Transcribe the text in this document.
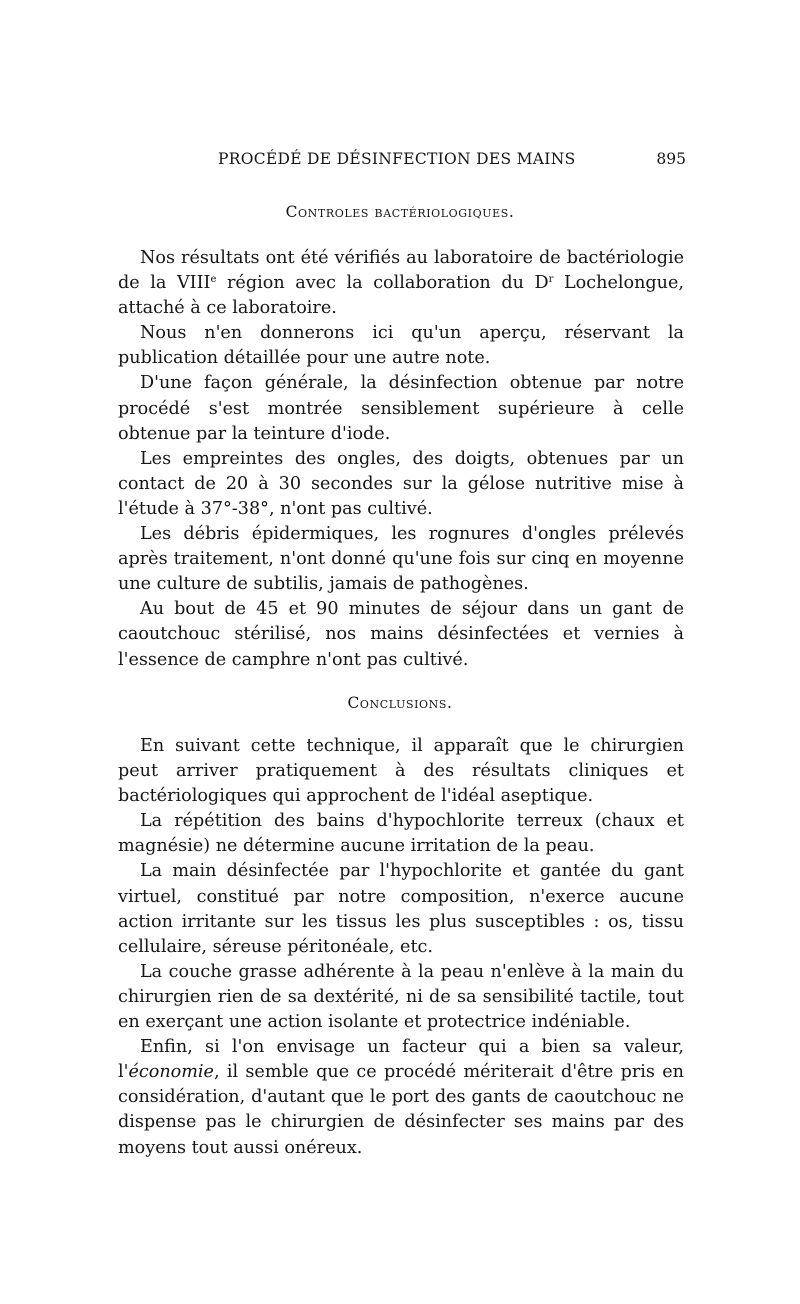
PROCÉDÉ DE DÉSINFECTION DES MAINS	895
Controles bactériologiques.

Nos résultats ont été vérifiés au laboratoire de bactériologie de la VIIIe région avec la collaboration du $D^r$ Lochelongue, attaché à ce laboratoire.

Nous n'en donnerons ici qu'un aperçu, réservant la publication détaillée pour une autre note.

D'une façon générale, la désinfection obtenue par notre procédé s'est montrée sensiblement supérieure à celle obtenue par la teinture d'iode.

Les empreintes des ongles, des doigts, obtenues par un contact de 20 à 30 secondes sur la gélose nutritive mise à l'étude à 37°-38°, n'ont pas cultivé.

Les débris épidermiques, les rognures d'ongles prélevés après traitement, n'ont donné qu'une fois sur cinq en moyenne une culture de subtilis, jamais de pathogènes.

Au bout de 45 et 90 minutes de séjour dans un gant de caoutchouc stérilisé, nos mains désinfectées et vernies à l'essence de camphre n'ont pas cultivé.

Conclusions.

En suivant cette technique, il apparaît que le chirurgien peut arriver pratiquement à des résultats cliniques et bactériologiques qui approchent de l'idéal aseptique.

La répétition des bains d'hypochlorite terreux (chaux et magnésie) ne détermine aucune irritation de la peau.

La main désinfectée par l'hypochlorite et gantée du gant virtuel, constitué par notre composition, n'exerce aucune action irritante sur les tissus les plus susceptibles : os, tissu cellulaire, séreuse péritonéale, etc.

La couche grasse adhérente à la peau n'enlève à la main du chirurgien rien de sa dextérité, ni de sa sensibilité tactile, tout en exerçant une action isolante et protectrice indéniable.

Enfin, si l'on envisage un facteur qui a bien sa valeur, l'économie, il semble que ce procédé mériterait d'être pris en considération, d'autant que le port des gants de caoutchouc ne dispense pas le chirurgien de désinfecter ses mains par des moyens tout aussi onéreux.
